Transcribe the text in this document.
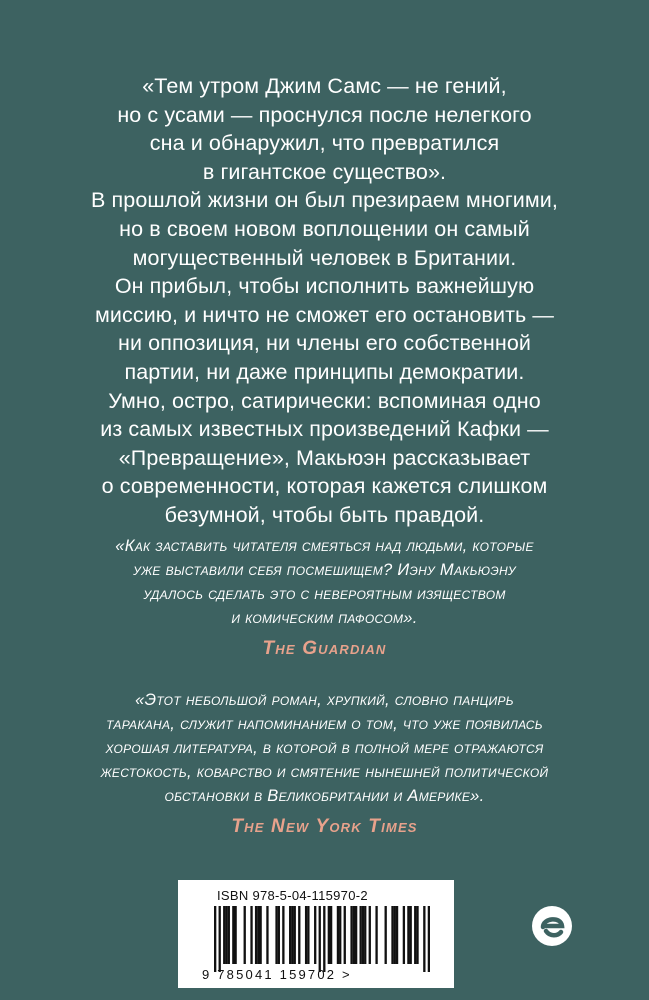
«Тем утром Джим Самс — не гений,
но с усами — проснулся после нелегкого
сна и обнаружил, что превратился
в гигантское существо».
В прошлой жизни он был презираем многими,
но в своем новом воплощении он самый
могущественный человек в Британии.
Он прибыл, чтобы исполнить важнейшую
миссию, и ничто не сможет его остановить —
ни оппозиция, ни члены его собственной
партии, ни даже принципы демократии.
Умно, остро, сатирически: вспоминая одно
из самых известных произведений Кафки —
«Превращение», Макьюэн рассказывает
о современности, которая кажется слишком
безумной, чтобы быть правдой.

«Как заставить читателя смеяться над людьми, которые
уже выставили себя посмешищем? Иэну Макьюэну
удалось сделать это с невероятным изяществом
и комическим пафосом».
The Guardian
«Этот небольшой роман, хрупкий, словно панцирь
таракана, служит напоминанием о том, что уже появилась
хорошая литература, в которой в полной мере отражаются
жестокость, коварство и смятение нынешней политической
обстановки в Великобритании и Америке».
The New York Times
ISBN 978-5-04-115970-2
9 785041 159702 >
